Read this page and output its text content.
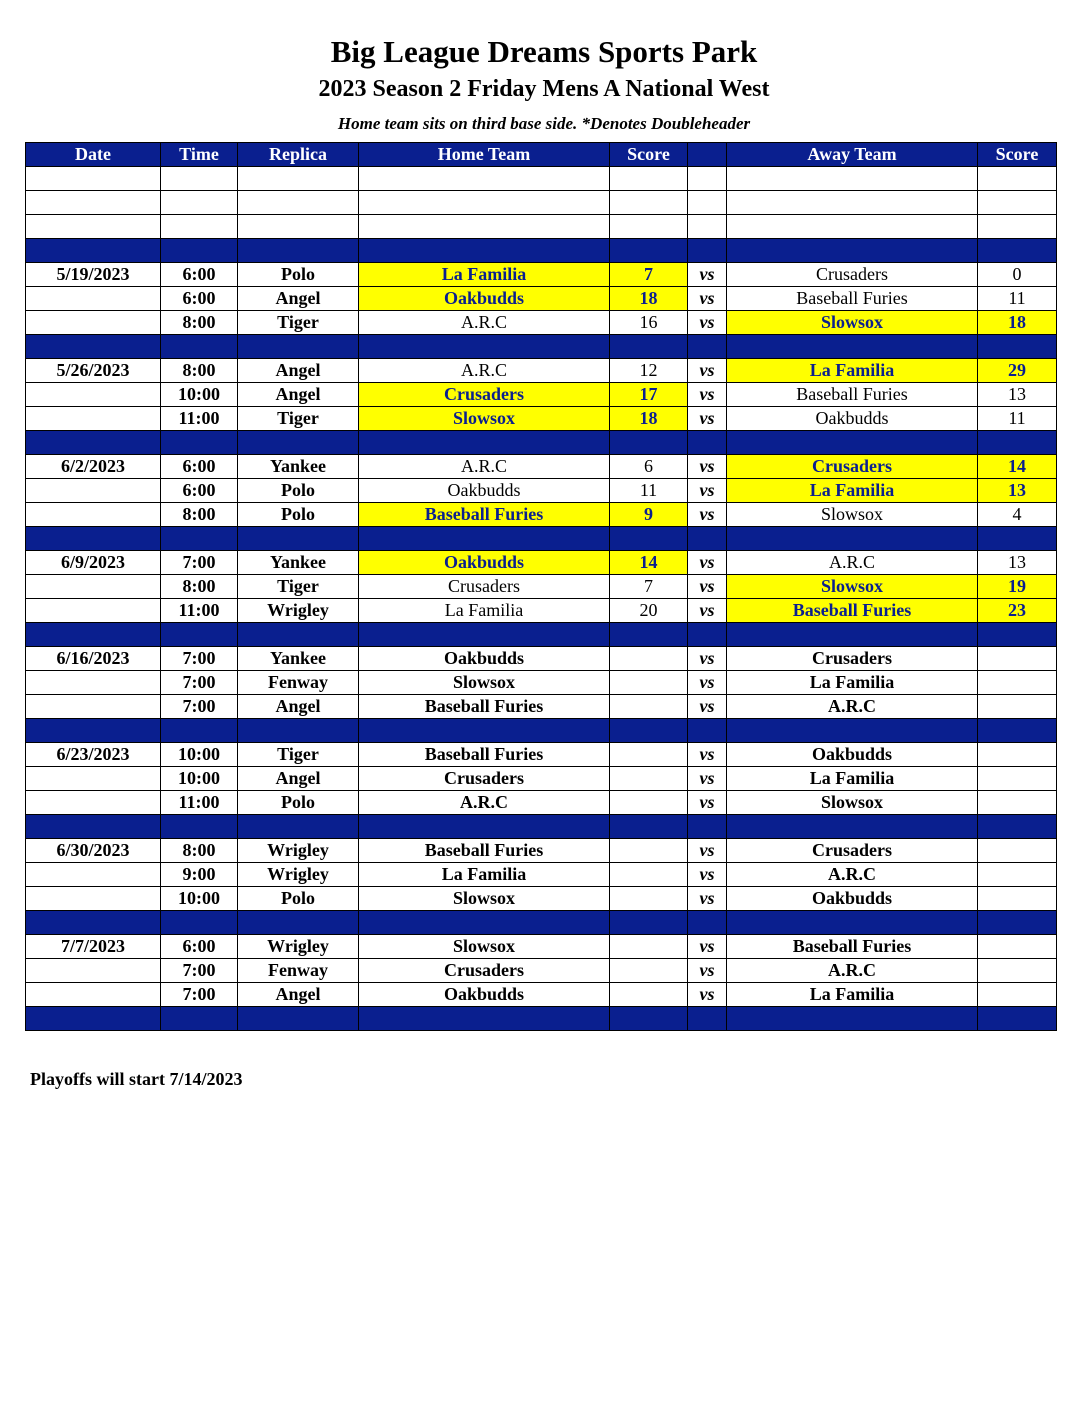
Big League Dreams Sports Park
2023 Season 2 Friday Mens A National West
Home team sits on third base side. *Denotes Doubleheader
Date	Time	Replica	Home Team	Score		Away Team	Score

5/19/2023	6:00	Polo	La Familia	7	vs	Crusaders	0
	6:00	Angel	Oakbudds	18	vs	Baseball Furies	11
	8:00	Tiger	A.R.C	16	vs	Slowsox	18

5/26/2023	8:00	Angel	A.R.C	12	vs	La Familia	29
	10:00	Angel	Crusaders	17	vs	Baseball Furies	13
	11:00	Tiger	Slowsox	18	vs	Oakbudds	11

6/2/2023	6:00	Yankee	A.R.C	6	vs	Crusaders	14
	6:00	Polo	Oakbudds	11	vs	La Familia	13
	8:00	Polo	Baseball Furies	9	vs	Slowsox	4

6/9/2023	7:00	Yankee	Oakbudds	14	vs	A.R.C	13
	8:00	Tiger	Crusaders	7	vs	Slowsox	19
	11:00	Wrigley	La Familia	20	vs	Baseball Furies	23

6/16/2023	7:00	Yankee	Oakbudds		vs	Crusaders	
	7:00	Fenway	Slowsox		vs	La Familia	
	7:00	Angel	Baseball Furies		vs	A.R.C	

6/23/2023	10:00	Tiger	Baseball Furies		vs	Oakbudds	
	10:00	Angel	Crusaders		vs	La Familia	
	11:00	Polo	A.R.C		vs	Slowsox	

6/30/2023	8:00	Wrigley	Baseball Furies		vs	Crusaders	
	9:00	Wrigley	La Familia		vs	A.R.C	
	10:00	Polo	Slowsox		vs	Oakbudds	

7/7/2023	6:00	Wrigley	Slowsox		vs	Baseball Furies	
	7:00	Fenway	Crusaders		vs	A.R.C	
	7:00	Angel	Oakbudds		vs	La Familia	

Playoffs will start 7/14/2023
